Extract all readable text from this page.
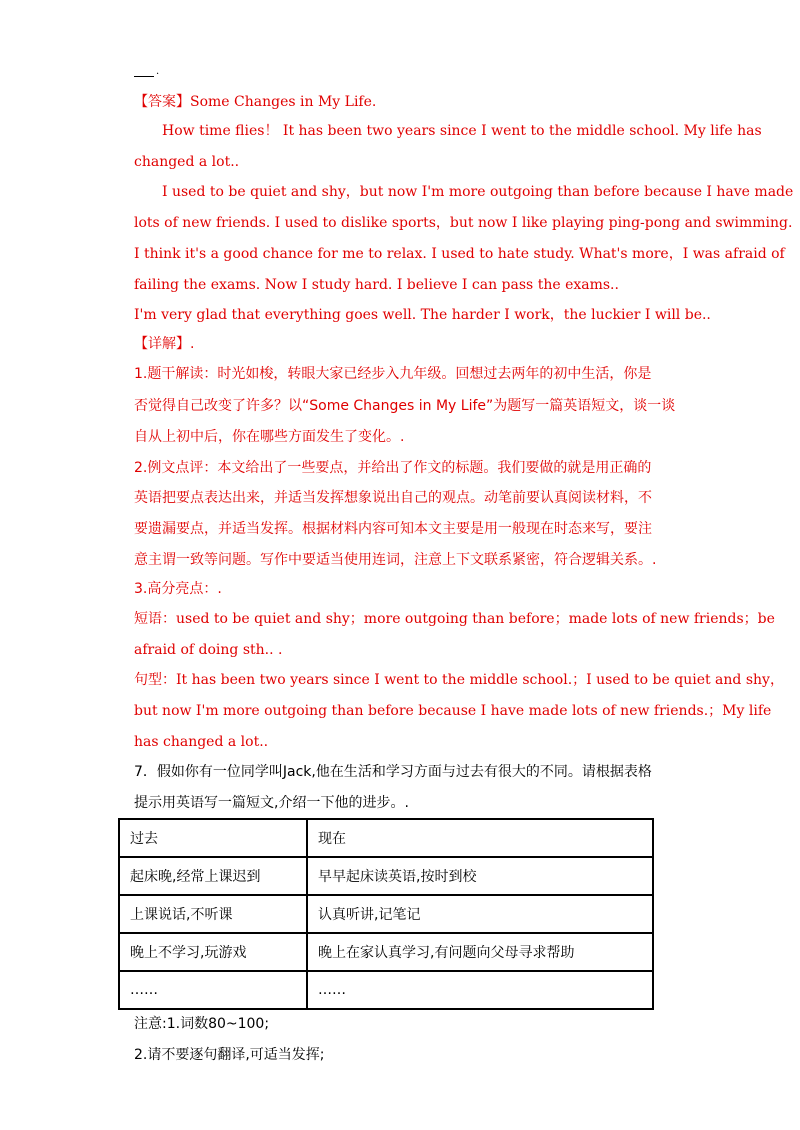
.
【答案】Some Changes in My Life.
How time flies！ It has been two years since I went to the middle school. My life has
changed a lot..
I used to be quiet and shy，but now I'm more outgoing than before because I have made
lots of new friends. I used to dislike sports，but now I like playing ping-pong and swimming.
I think it's a good chance for me to relax. I used to hate study. What's more，I was afraid of
failing the exams. Now I study hard. I believe I can pass the exams..
I'm very glad that everything goes well. The harder I work，the luckier I will be..
【详解】.
1.题干解读：时光如梭，转眼大家已经步入九年级。回想过去两年的初中生活，你是
否觉得自己改变了许多？以“Some Changes in My Life”为题写一篇英语短文，谈一谈
自从上初中后，你在哪些方面发生了变化。.
2.例文点评：本文给出了一些要点，并给出了作文的标题。我们要做的就是用正确的
英语把要点表达出来，并适当发挥想象说出自己的观点。动笔前要认真阅读材料，不
要遗漏要点，并适当发挥。根据材料内容可知本文主要是用一般现在时态来写，要注
意主谓一致等问题。写作中要适当使用连词，注意上下文联系紧密，符合逻辑关系。.
3.高分亮点：.
短语：used to be quiet and shy；more outgoing than before；made lots of new friends；be
afraid of doing sth.. .
句型：It has been two years since I went to the middle school.；I used to be quiet and shy，
but now I'm more outgoing than before because I have made lots of new friends.；My life
has changed a lot..
7．假如你有一位同学叫Jack,他在生活和学习方面与过去有很大的不同。请根据表格
提示用英语写一篇短文,介绍一下他的进步。.
过去	现在
起床晚,经常上课迟到	早早起床读英语,按时到校
上课说话,不听课	认真听讲,记笔记
晚上不学习,玩游戏	晚上在家认真学习,有问题向父母寻求帮助
……	……
注意:1.词数80~100;
2.请不要逐句翻译,可适当发挥;
